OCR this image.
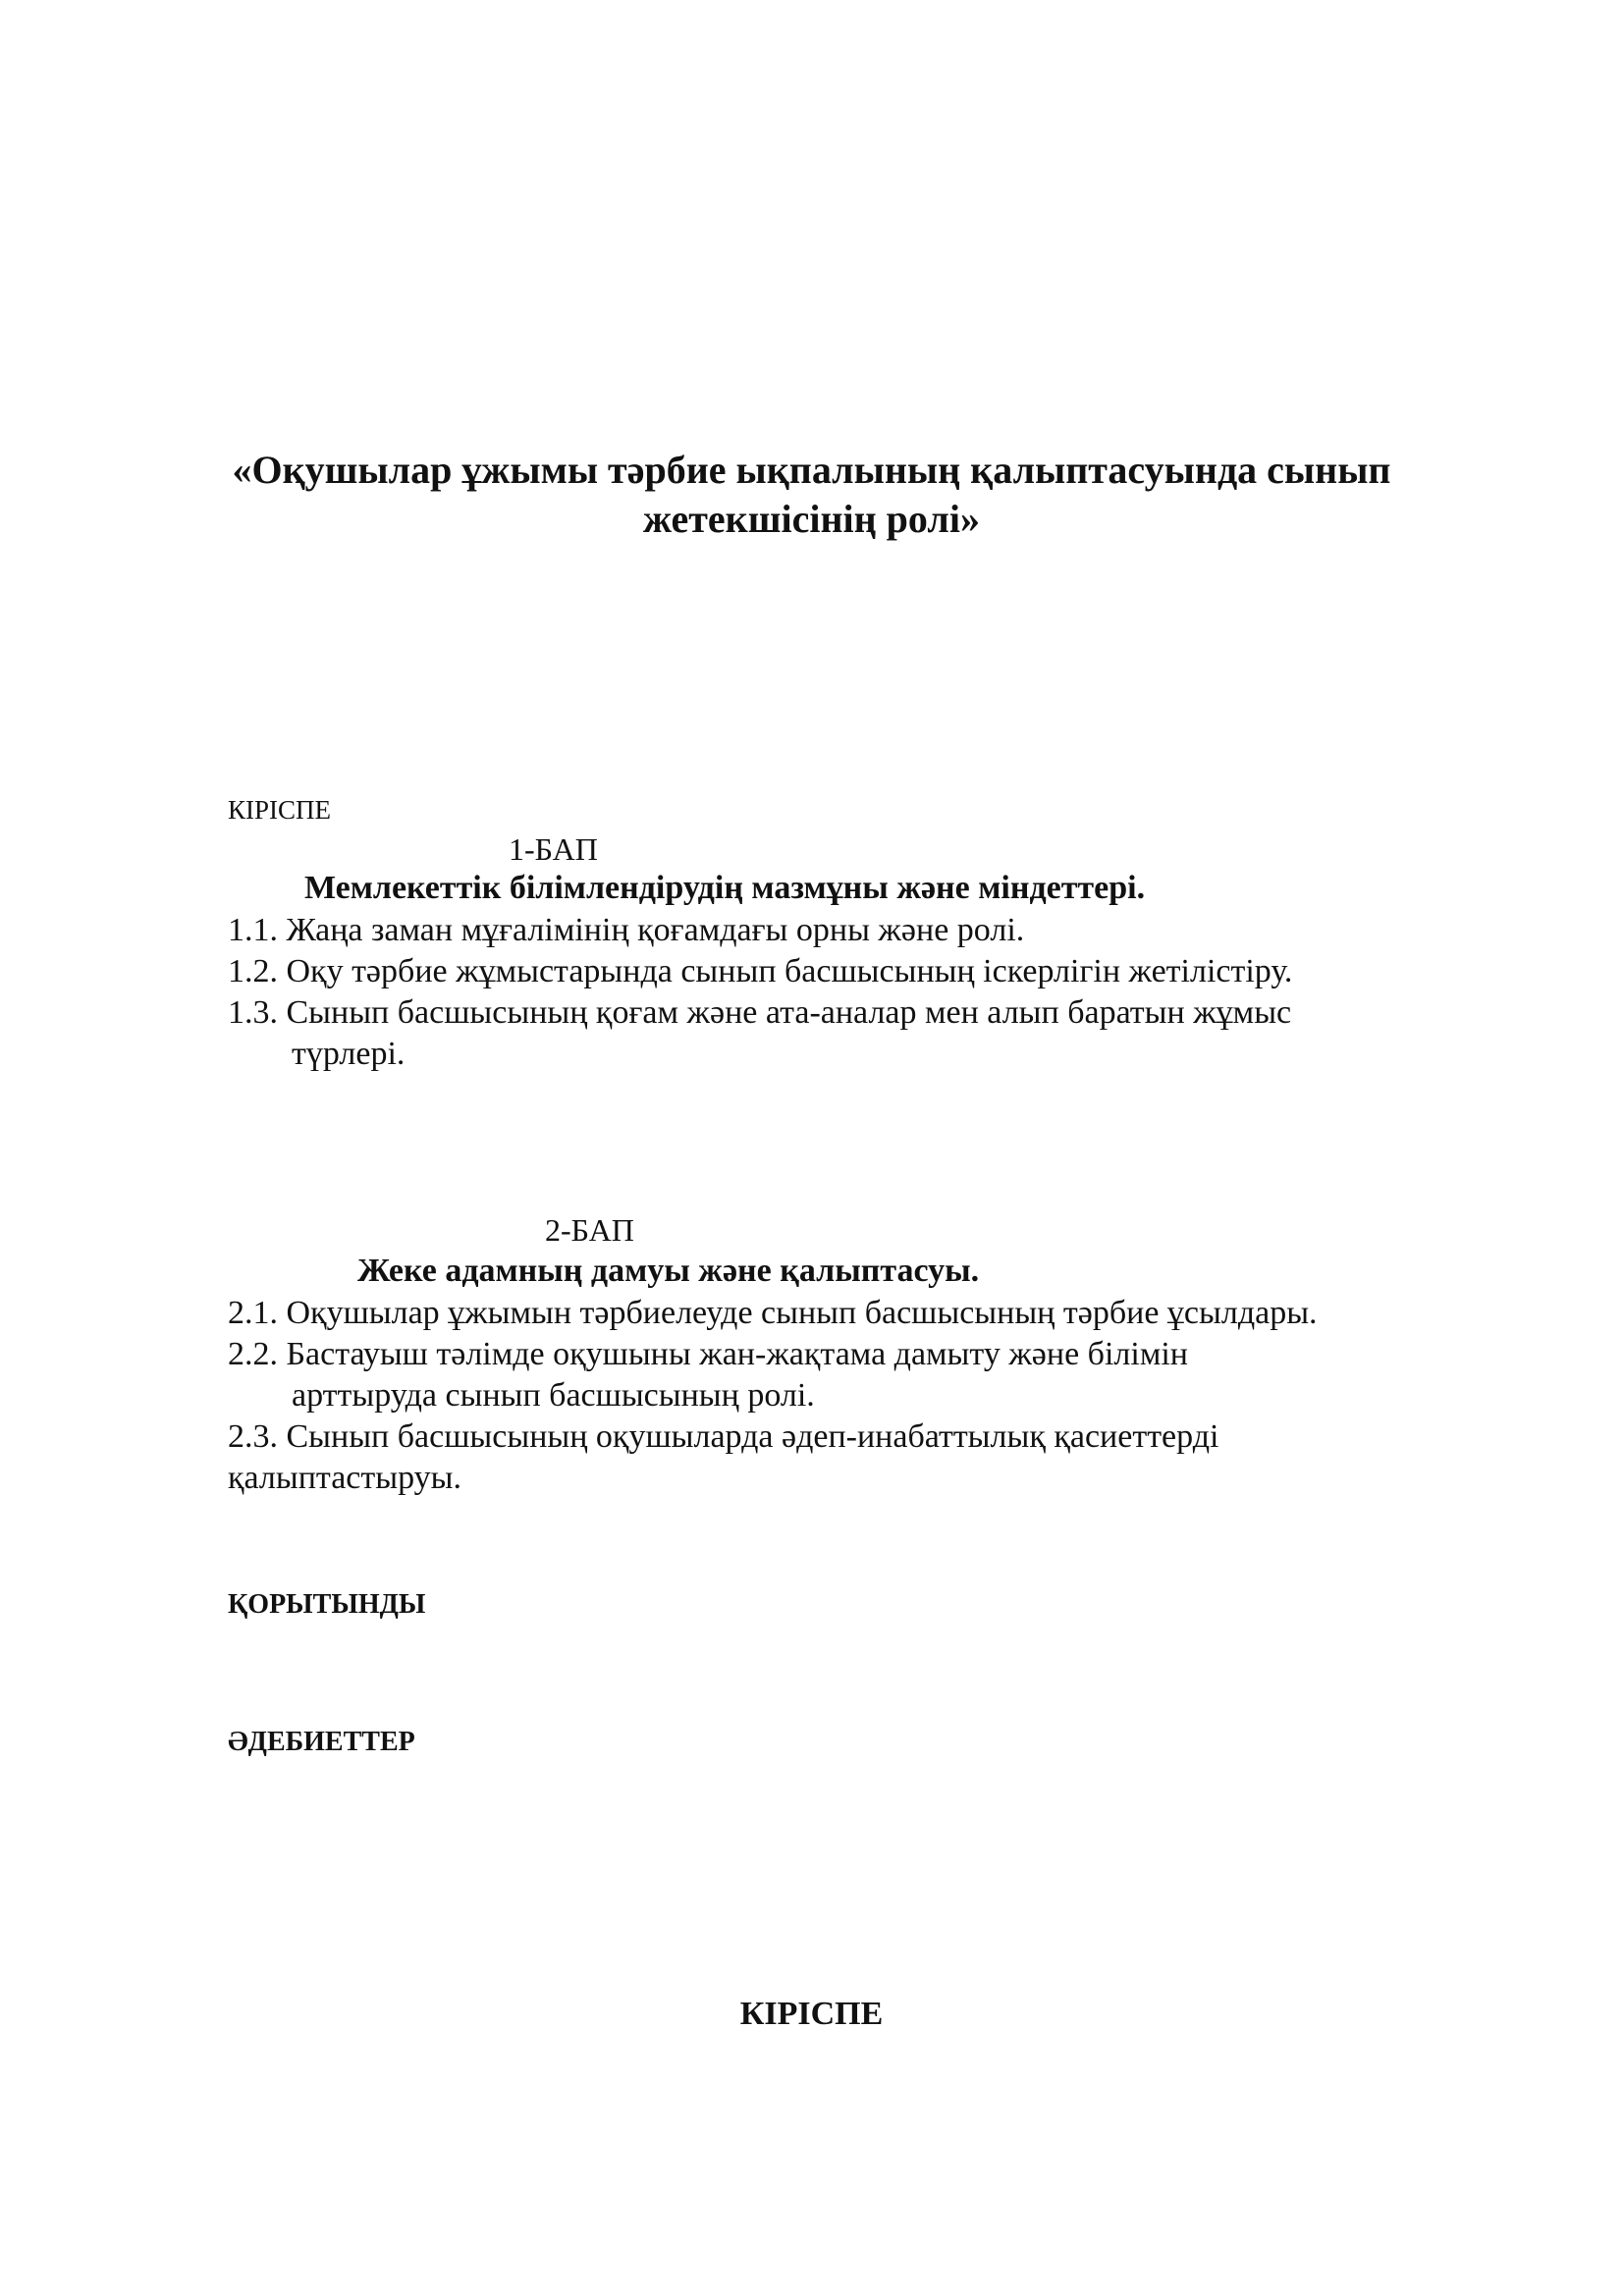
«Оқушылар ұжымы тәрбие ықпалының қалыптасуында сынып
жетекшісінің ролі»
КІРІСПЕ
1-БАП
Мемлекеттік білімлендірудің мазмұны және міндеттері.
1.1. Жаңа заман мұғалімінің қоғамдағы орны және ролі.
1.2. Оқу тәрбие жұмыстарында сынып басшысының іскерлігін жетілістіру.
1.3. Сынып басшысының қоғам және ата-аналар мен алып баратын жұмыс
түрлері.
2-БАП
Жеке адамның дамуы және қалыптасуы.
2.1. Оқушылар ұжымын тәрбиелеуде сынып басшысының тәрбие ұсылдары.
2.2. Бастауыш тәлімде оқушыны жан-жақтама дамыту және білімін
арттыруда сынып басшысының ролі.
2.3. Сынып басшысының оқушыларда әдеп-инабаттылық қасиеттерді
қалыптастыруы.
ҚОРЫТЫНДЫ
ӘДЕБИЕТТЕР
КІРІСПЕ
